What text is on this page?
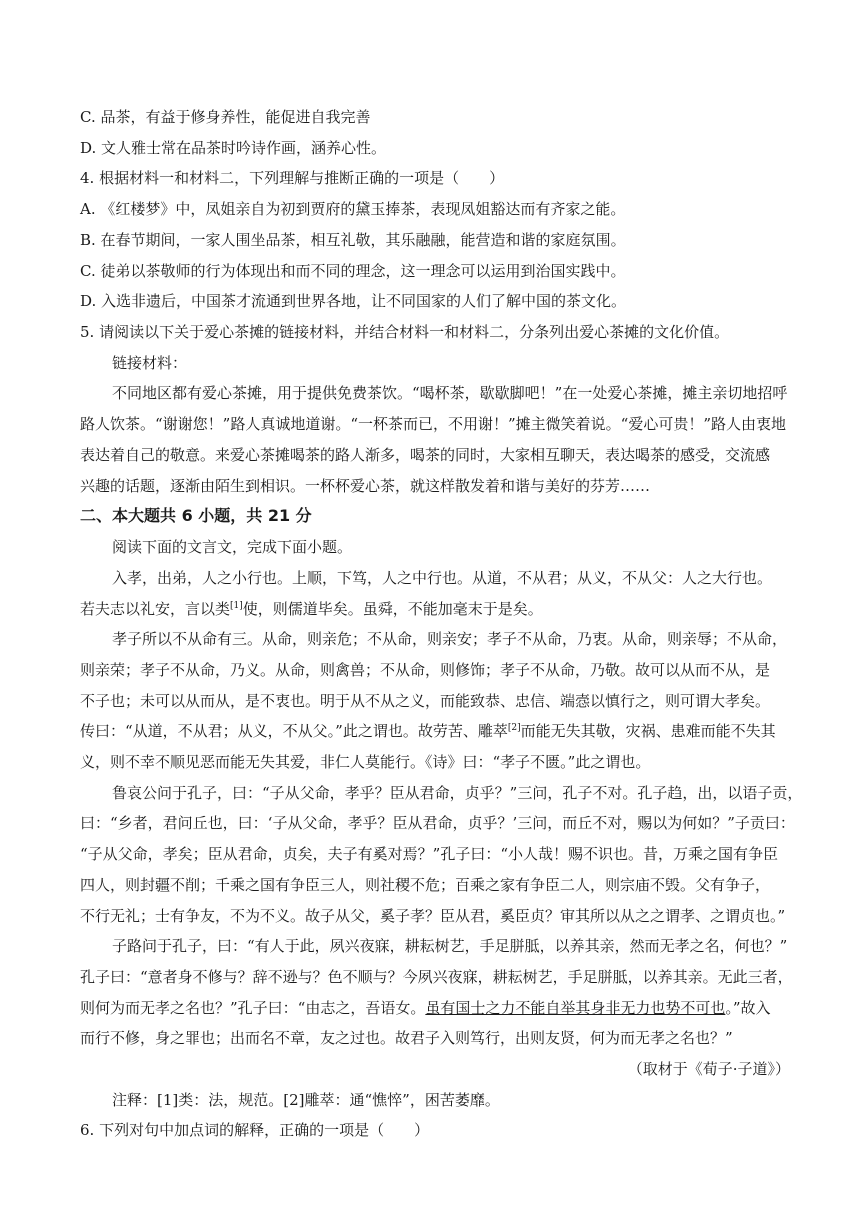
C. 品茶，有益于修身养性，能促进自我完善
D. 文人雅士常在品茶时吟诗作画，涵养心性。
4. 根据材料一和材料二，下列理解与推断正确的一项是（　　）
A. 《红楼梦》中，凤姐亲自为初到贾府的黛玉捧茶，表现凤姐豁达而有齐家之能。
B. 在春节期间，一家人围坐品茶，相互礼敬，其乐融融，能营造和谐的家庭氛围。
C. 徒弟以茶敬师的行为体现出和而不同的理念，这一理念可以运用到治国实践中。
D. 入选非遗后，中国茶才流通到世界各地，让不同国家的人们了解中国的茶文化。
5. 请阅读以下关于爱心茶摊的链接材料，并结合材料一和材料二，分条列出爱心茶摊的文化价值。
链接材料：
不同地区都有爱心茶摊，用于提供免费茶饮。“喝杯茶，歇歇脚吧！”在一处爱心茶摊，摊主亲切地招呼
路人饮茶。“谢谢您！”路人真诚地道谢。“一杯茶而已，不用谢！”摊主微笑着说。“爱心可贵！”路人由衷地
表达着自己的敬意。来爱心茶摊喝茶的路人渐多，喝茶的同时，大家相互聊天，表达喝茶的感受，交流感
兴趣的话题，逐渐由陌生到相识。一杯杯爱心茶，就这样散发着和谐与美好的芬芳……
二、本大题共 6 小题，共 21 分
阅读下面的文言文，完成下面小题。
入孝，出弟，人之小行也。上顺，下笃，人之中行也。从道，不从君；从义，不从父：人之大行也。
若夫志以礼安，言以类[1]使，则儒道毕矣。虽舜，不能加毫末于是矣。
孝子所以不从命有三。从命，则亲危；不从命，则亲安；孝子不从命，乃衷。从命，则亲辱；不从命，
则亲荣；孝子不从命，乃义。从命，则禽兽；不从命，则修饰；孝子不从命，乃敬。故可以从而不从，是
不子也；未可以从而从，是不衷也。明于从不从之义，而能致恭、忠信、端悫以慎行之，则可谓大孝矣。
传曰：“从道，不从君；从义，不从父。”此之谓也。故劳苦、雕萃[2]而能无失其敬，灾祸、患难而能不失其
义，则不幸不顺见恶而能无失其爱，非仁人莫能行。《诗》曰：“孝子不匮。”此之谓也。
鲁哀公问于孔子，曰：“子从父命，孝乎？臣从君命，贞乎？”三问，孔子不对。孔子趋，出，以语子贡，
曰：“乡者，君问丘也，曰：‘子从父命，孝乎？臣从君命，贞乎？’三问，而丘不对，赐以为何如？”子贡曰：
“子从父命，孝矣；臣从君命，贞矣，夫子有奚对焉？”孔子曰：“小人哉！赐不识也。昔，万乘之国有争臣
四人，则封疆不削；千乘之国有争臣三人，则社稷不危；百乘之家有争臣二人，则宗庙不毁。父有争子，
不行无礼；士有争友，不为不义。故子从父，奚子孝？臣从君，奚臣贞？审其所以从之之谓孝、之谓贞也。”
子路问于孔子，曰：“有人于此，夙兴夜寐，耕耘树艺，手足胼胝，以养其亲，然而无孝之名，何也？”
孔子曰：“意者身不修与？辞不逊与？色不顺与？今夙兴夜寐，耕耘树艺，手足胼胝，以养其亲。无此三者，
则何为而无孝之名也？”孔子曰：“由志之，吾语女。虽有国士之力不能自举其身非无力也势不可也。”故入
而行不修，身之罪也；出而名不章，友之过也。故君子入则笃行，出则友贤，何为而无孝之名也？”
（取材于《荀子·子道》）
注释：[1]类：法，规范。[2]雕萃：通“憔悴”，困苦萎靡。
6. 下列对句中加点词的解释，正确的一项是（　　）
